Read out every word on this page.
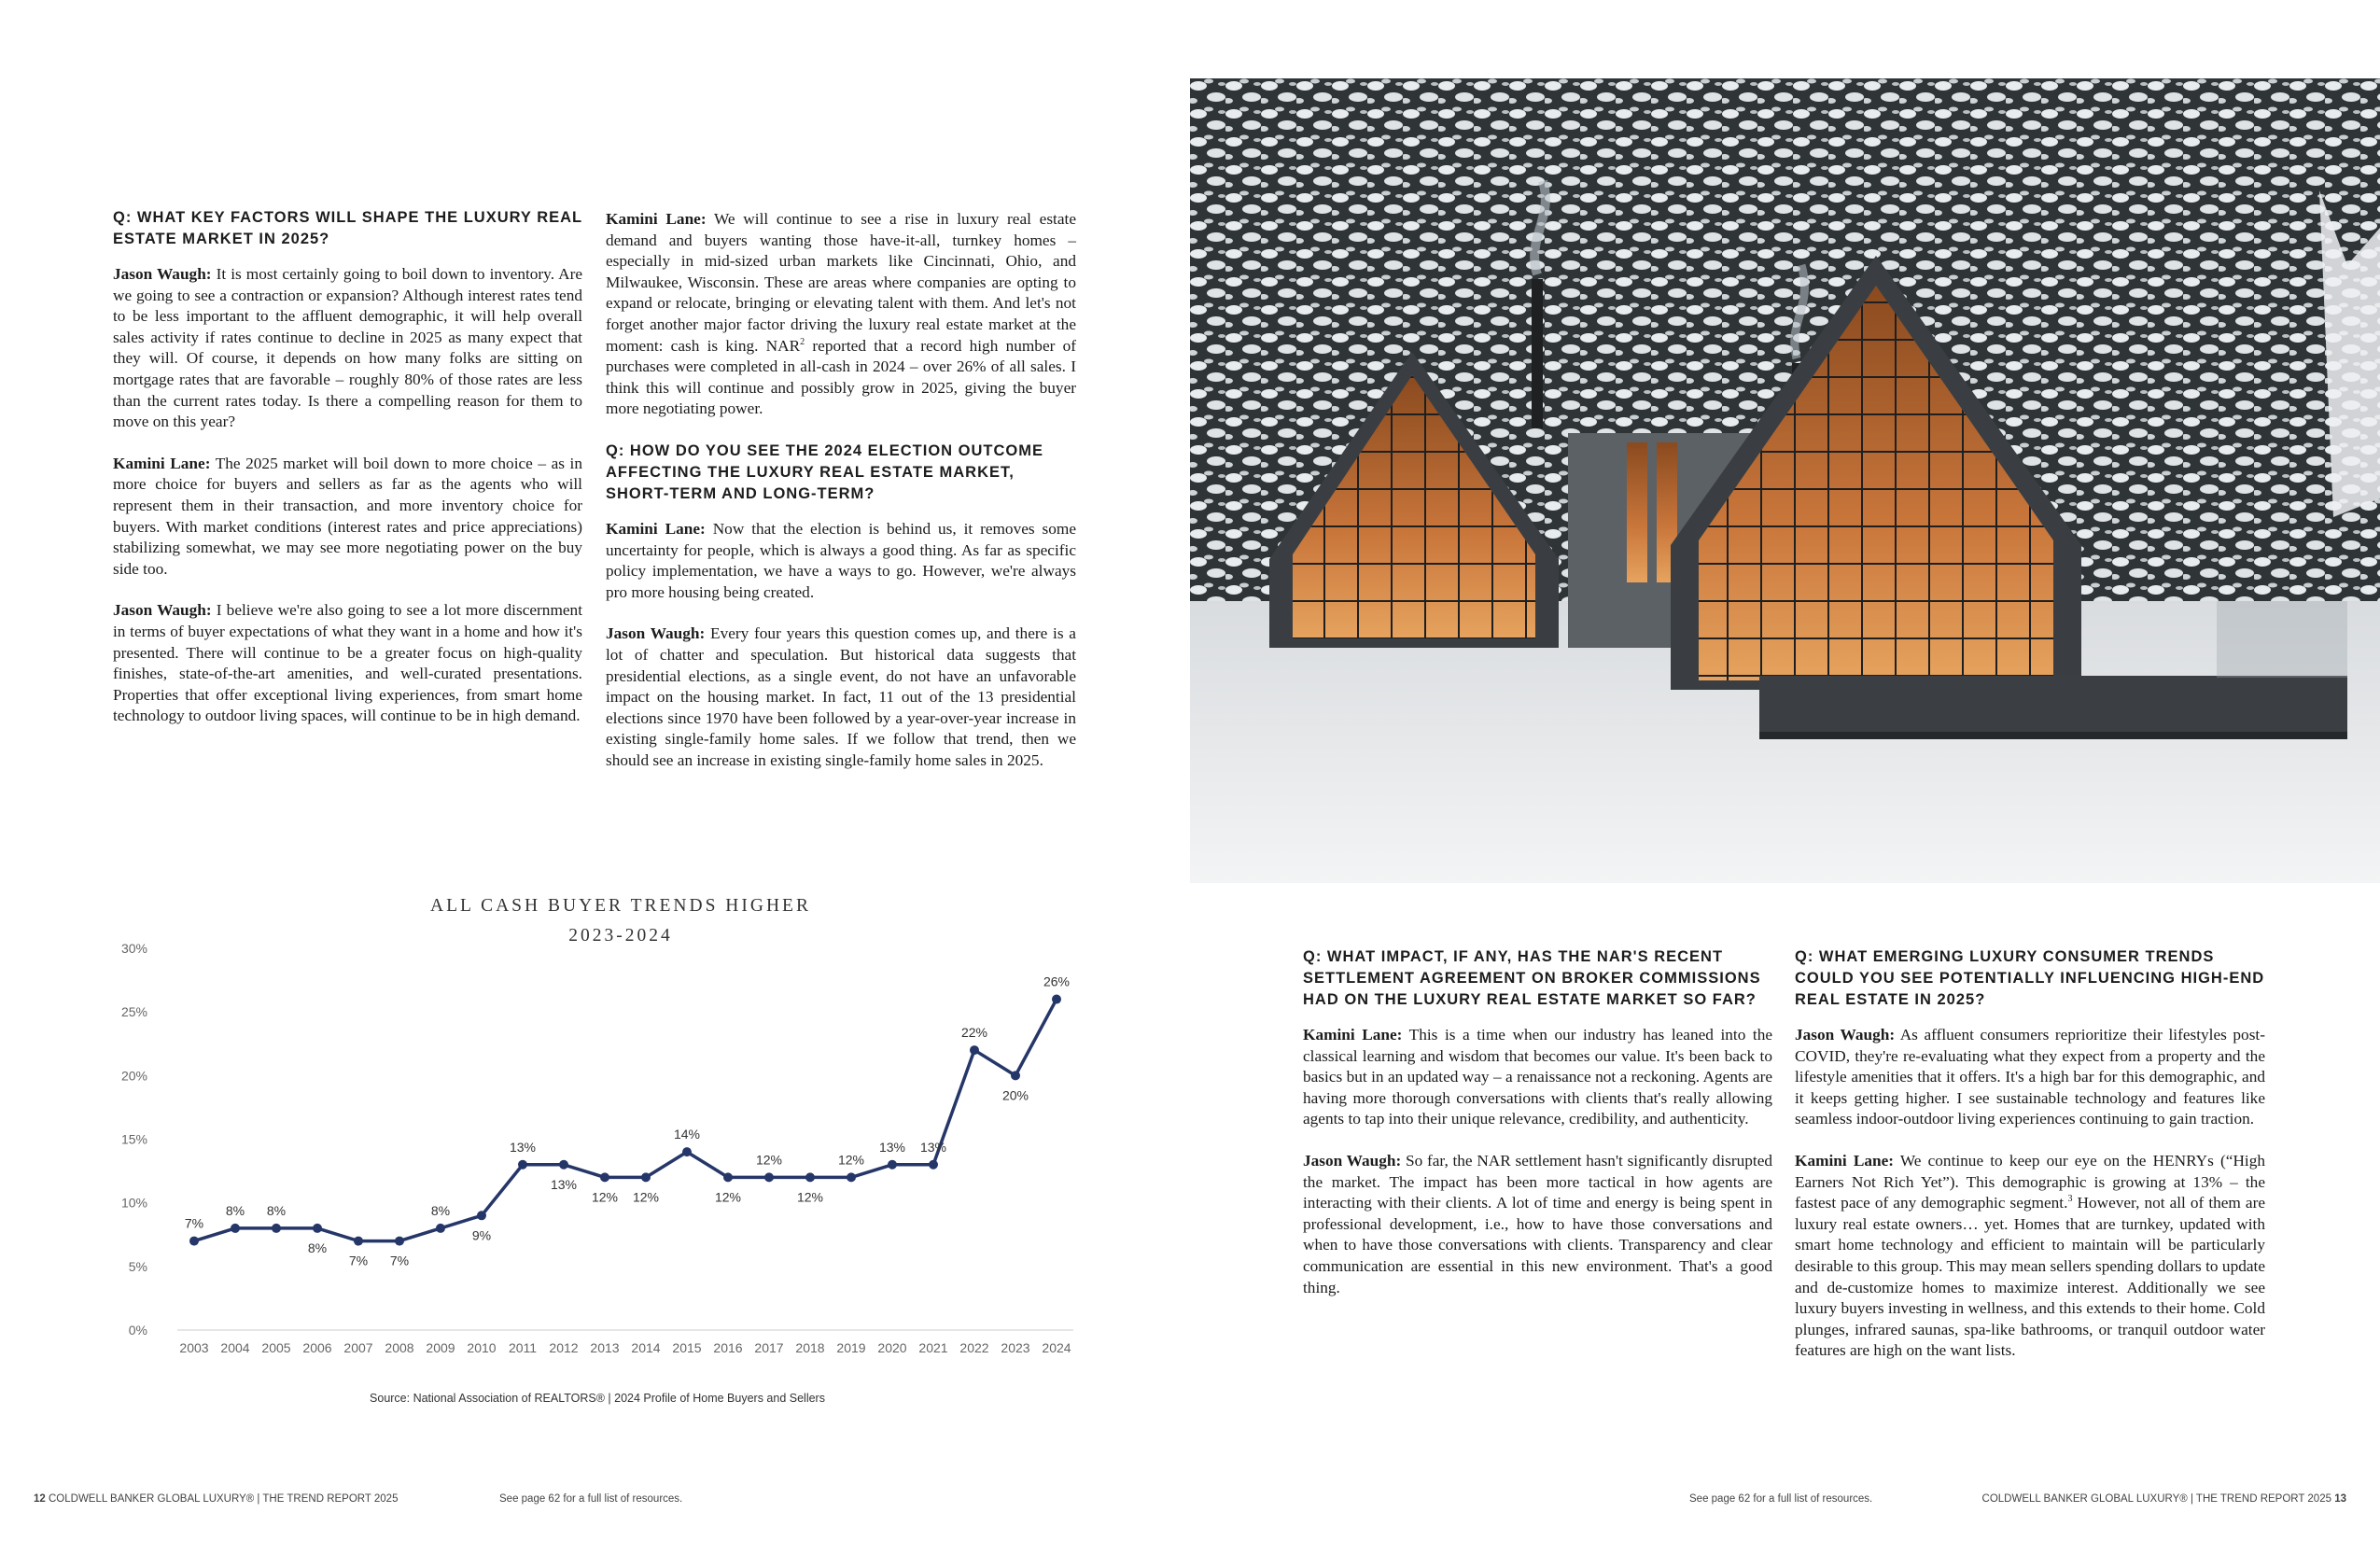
Q: WHAT KEY FACTORS WILL SHAPE THE LUXURY REAL ESTATE MARKET IN 2025?

Jason Waugh: It is most certainly going to boil down to inventory. Are we going to see a contraction or expansion? Although interest rates tend to be less important to the affluent demographic, it will help overall sales activity if rates continue to decline in 2025 as many expect that they will. Of course, it depends on how many folks are sitting on mortgage rates that are favorable – roughly 80% of those rates are less than the current rates today. Is there a compelling reason for them to move on this year?

Kamini Lane: The 2025 market will boil down to more choice – as in more choice for buyers and sellers as far as the agents who will represent them in their transaction, and more inventory choice for buyers. With market conditions (interest rates and price appreciations) stabilizing somewhat, we may see more negotiating power on the buy side too.

Jason Waugh: I believe we're also going to see a lot more discernment in terms of buyer expectations of what they want in a home and how it's presented. There will continue to be a greater focus on high-quality finishes, state-of-the-art amenities, and well-curated presentations. Properties that offer exceptional living experiences, from smart home technology to outdoor living spaces, will continue to be in high demand.

Kamini Lane: We will continue to see a rise in luxury real estate demand and buyers wanting those have-it-all, turnkey homes – especially in mid-sized urban markets like Cincinnati, Ohio, and Milwaukee, Wisconsin. These are areas where companies are opting to expand or relocate, bringing or elevating talent with them. And let's not forget another major factor driving the luxury real estate market at the moment: cash is king. NAR$^2$ reported that a record high number of purchases were completed in all-cash in 2024 – over 26% of all sales. I think this will continue and possibly grow in 2025, giving the buyer more negotiating power.

Q: HOW DO YOU SEE THE 2024 ELECTION OUTCOME AFFECTING THE LUXURY REAL ESTATE MARKET, SHORT-TERM AND LONG-TERM?

Kamini Lane: Now that the election is behind us, it removes some uncertainty for people, which is always a good thing. As far as specific policy implementation, we have a ways to go. However, we're always pro more housing being created.

Jason Waugh: Every four years this question comes up, and there is a lot of chatter and speculation. But historical data suggests that presidential elections, as a single event, do not have an unfavorable impact on the housing market. In fact, 11 out of the 13 presidential elections since 1970 have been followed by a year-over-year increase in existing single-family home sales. If we follow that trend, then we should see an increase in existing single-family home sales in 2025.

ALL CASH BUYER TRENDS HIGHER
2023-2024
0%
5%
10%
15%
20%
25%
30%
2003 2004 2005 2006 2007 2008 2009 2010 2011 2012 2013 2014 2015 2016 2017 2018 2019 2020 2021 2022 2023 2024
7%
8% 8%
8%
7% 7%
8%
9%
13%
13%
12% 12%
14%
12%
12%
12%
12%
13% 13%
22%
20%
26%
Source: National Association of REALTORS® | 2024 Profile of Home Buyers and Sellers
Q: WHAT IMPACT, IF ANY, HAS THE NAR'S RECENT SETTLEMENT AGREEMENT ON BROKER COMMISSIONS HAD ON THE LUXURY REAL ESTATE MARKET SO FAR?

Kamini Lane: This is a time when our industry has leaned into the classical learning and wisdom that becomes our value. It's been back to basics but in an updated way – a renaissance not a reckoning. Agents are having more thorough conversations with clients that's really allowing agents to tap into their unique relevance, credibility, and authenticity.

Jason Waugh: So far, the NAR settlement hasn't significantly disrupted the market. The impact has been more tactical in how agents are interacting with their clients. A lot of time and energy is being spent in professional development, i.e., how to have those conversations and when to have those conversations with clients. Transparency and clear communication are essential in this new environment. That's a good thing.

Q: WHAT EMERGING LUXURY CONSUMER TRENDS COULD YOU SEE POTENTIALLY INFLUENCING HIGH-END REAL ESTATE IN 2025?

Jason Waugh: As affluent consumers reprioritize their lifestyles post-COVID, they're re-evaluating what they expect from a property and the lifestyle amenities that it offers. It's a high bar for this demographic, and it keeps getting higher. I see sustainable technology and features like seamless indoor-outdoor living experiences continuing to gain traction.

Kamini Lane: We continue to keep our eye on the HENRYs (“High Earners Not Rich Yet”). This demographic is growing at 13% – the fastest pace of any demographic segment.$^3$ However, not all of them are luxury real estate owners… yet. Homes that are turnkey, updated with smart home technology and efficient to maintain will be particularly desirable to this group. This may mean sellers spending dollars to update and de-customize homes to maximize interest. Additionally we see luxury buyers investing in wellness, and this extends to their home. Cold plunges, infrared saunas, spa-like bathrooms, or tranquil outdoor water features are high on the want lists.

12 COLDWELL BANKER GLOBAL LUXURY® | THE TREND REPORT 2025	See page 62 for a full list of resources.	See page 62 for a full list of resources.	COLDWELL BANKER GLOBAL LUXURY® | THE TREND REPORT 2025 13
